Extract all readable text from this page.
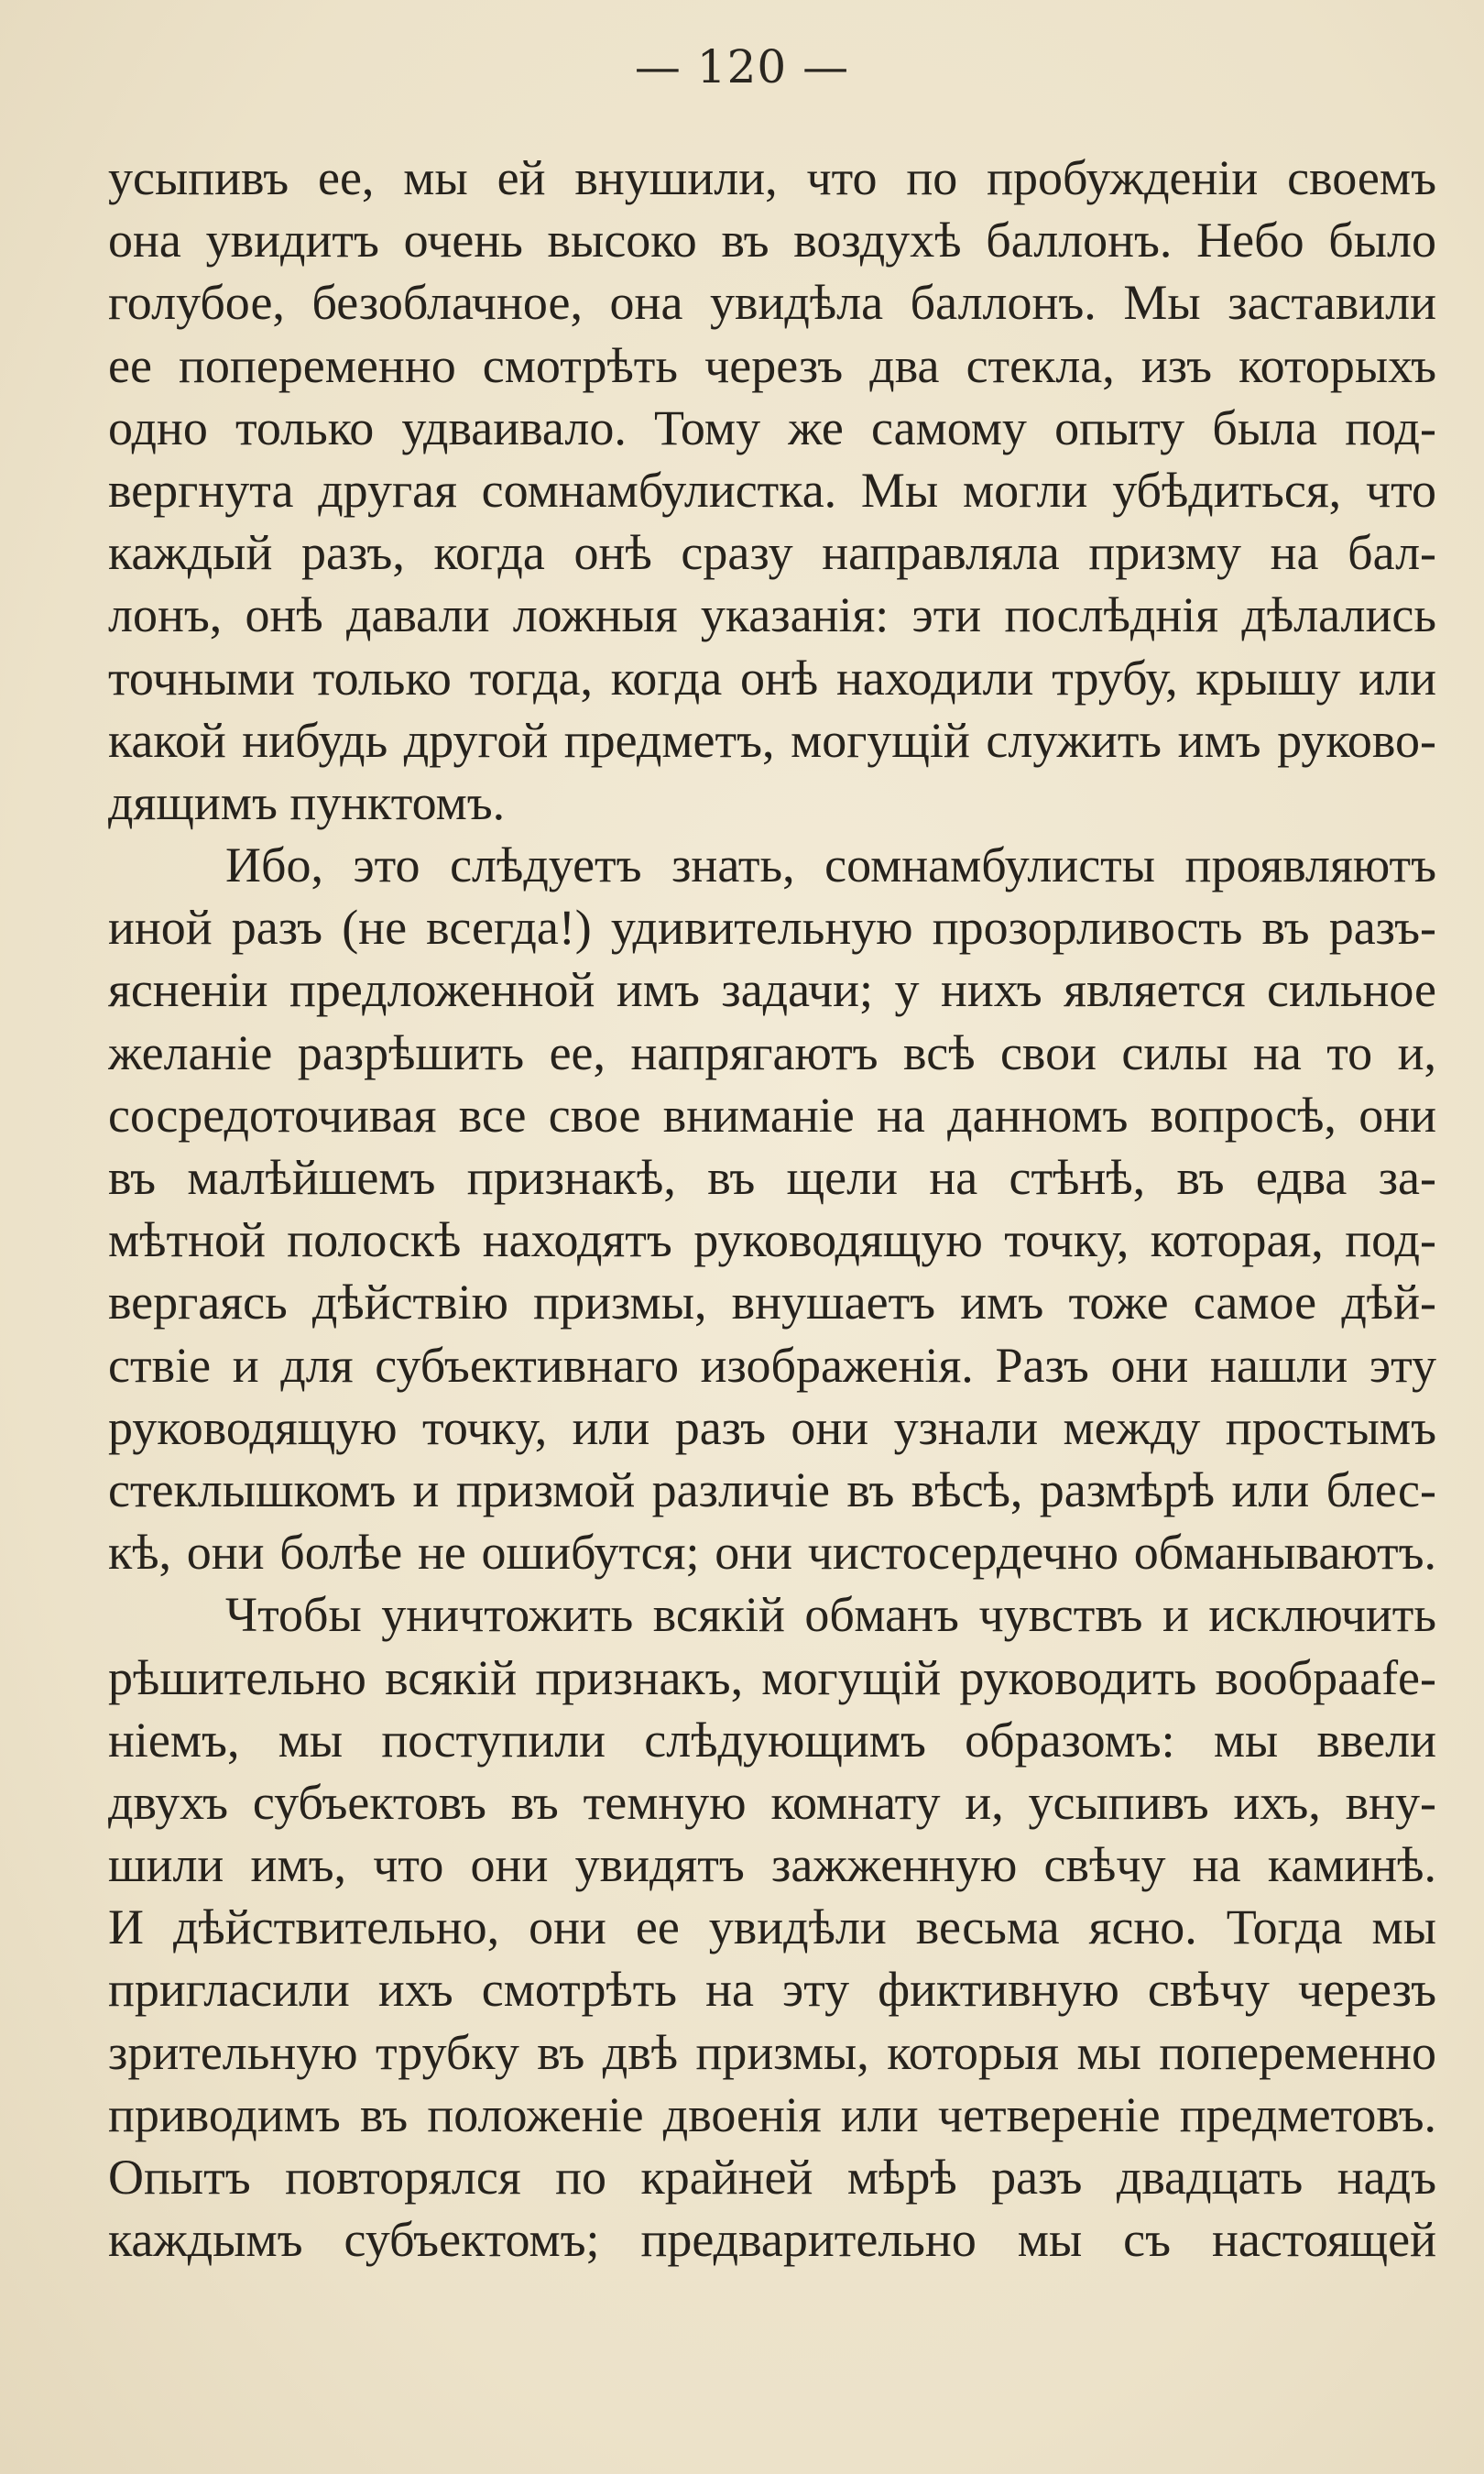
— 120 —
усыпивъ ее, мы ей внушили, что по пробужденіи своемъ
она увидитъ очень высоко въ воздухѣ баллонъ. Небо было
голубое, безоблачное, она увидѣла баллонъ. Мы заставили
ее попеременно смотрѣть черезъ два стекла, изъ которыхъ
одно только удваивало. Тому же самому опыту была под-
вергнута другая сомнамбулистка. Мы могли убѣдиться, что
каждый разъ, когда онѣ сразу направляла призму на бал-
лонъ, онѣ давали ложныя указанія: эти послѣднія дѣлались
точными только тогда, когда онѣ находили трубу, крышу или
какой нибудь другой предметъ, могущій служить имъ руково-
дящимъ пунктомъ.
Ибо, это слѣдуетъ знать, сомнамбулисты проявляютъ
иной разъ (не всегда!) удивительную прозорливость въ разъ-
ясненіи предложенной имъ задачи; у нихъ является сильное
желаніе разрѣшить ее, напрягаютъ всѣ свои силы на то и,
сосредоточивая все свое вниманіе на данномъ вопросѣ, они
въ малѣйшемъ признакѣ, въ щели на стѣнѣ, въ едва за-
мѣтной полоскѣ находятъ руководящую точку, которая, под-
вергаясь дѣйствію призмы, внушаетъ имъ тоже самое дѣй-
ствіе и для субъективнаго изображенія. Разъ они нашли эту
руководящую точку, или разъ они узнали между простымъ
стеклышкомъ и призмой различіе въ вѣсѣ, размѣрѣ или блес-
кѣ, они болѣе не ошибутся; они чистосердечно обманываютъ.
Чтобы уничтожить всякій обманъ чувствъ и исключить
рѣшительно всякій признакъ, могущій руководить вообраafe-
ніемъ, мы поступили слѣдующимъ образомъ: мы ввели
двухъ субъектовъ въ темную комнату и, усыпивъ ихъ, вну-
шили имъ, что они увидятъ зажженную свѣчу на каминѣ.
И дѣйствительно, они ее увидѣли весьма ясно. Тогда мы
пригласили ихъ смотрѣть на эту фиктивную свѣчу черезъ
зрительную трубку въ двѣ призмы, которыя мы попеременно
приводимъ въ положеніе двоенія или четвереніе предметовъ.
Опытъ повторялся по крайней мѣрѣ разъ двадцать надъ
каждымъ субъектомъ; предварительно мы съ настоящей
